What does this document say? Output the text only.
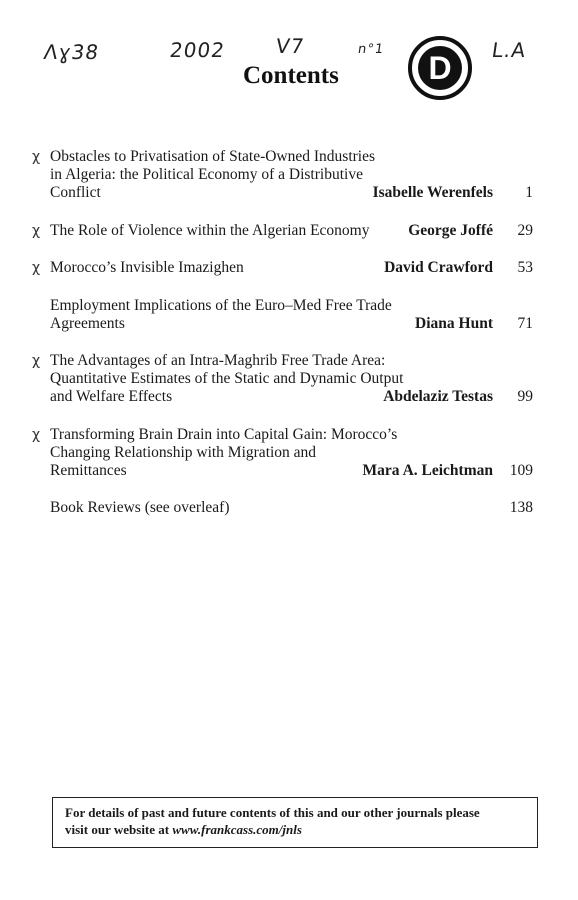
Λɣ38	2002 V7	n°1	L.A
D
Contents
χ Obstacles to Privatisation of State-Owned Industries
in Algeria: the Political Economy of a Distributive
Conflict	Isabelle Werenfels 1
χ The Role of Violence within the Algerian Economy	George Joffé 29
χ Morocco’s Invisible Imazighen	David Crawford 53
Employment Implications of the Euro–Med Free Trade
Agreements	Diana Hunt 71
χ The Advantages of an Intra-Maghrib Free Trade Area:
Quantitative Estimates of the Static and Dynamic Output
and Welfare Effects	Abdelaziz Testas 99
χ Transforming Brain Drain into Capital Gain: Morocco’s
Changing Relationship with Migration and
Remittances	Mara A. Leichtman 109
Book Reviews (see overleaf)	138
For details of past and future contents of this and our other journals please
visit our website at www.frankcass.com/jnls
